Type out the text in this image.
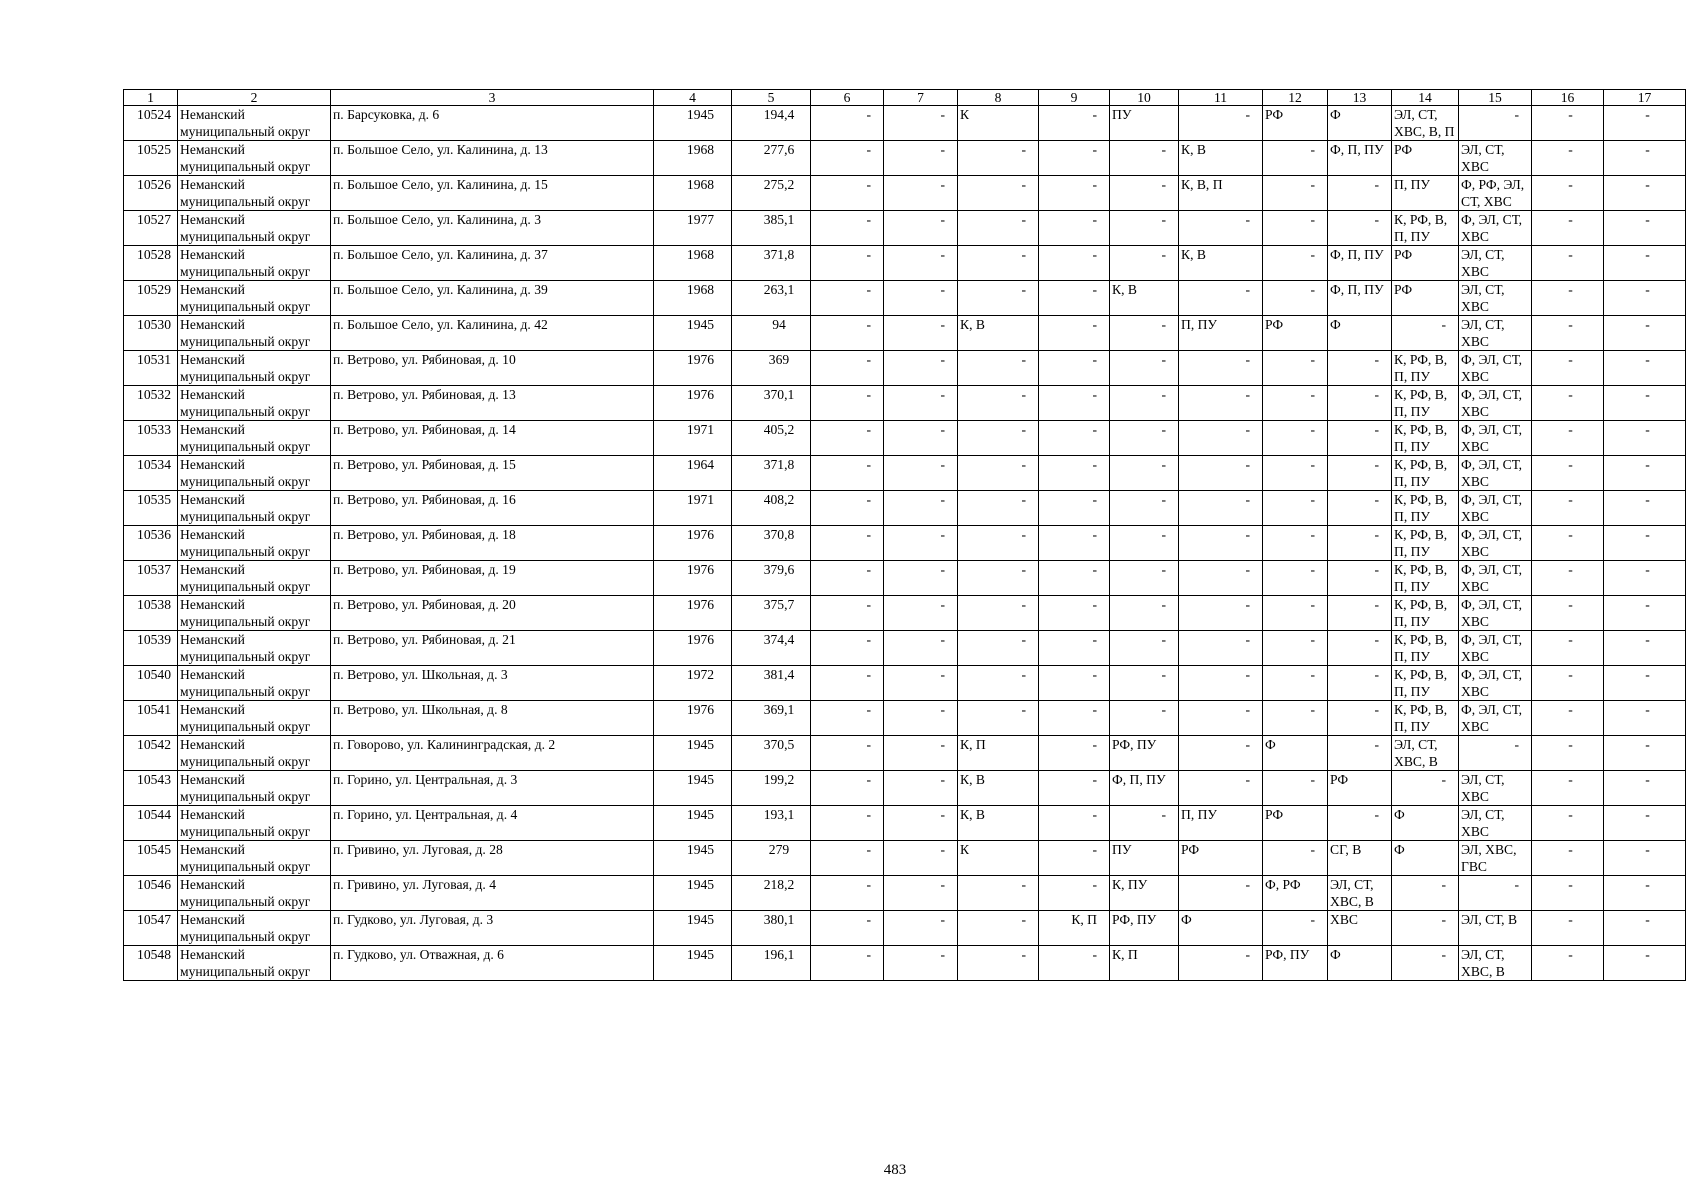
1	2	3	4	5	6	7	8	9	10	11	12	13	14	15	16	17
10524	Неманский муниципальный округ	п. Барсуковка, д. 6	1945	194,4	-	-	К	-	ПУ	-	РФ	Ф	ЭЛ, СТ, ХВС, В, П	-	-	-
10525	Неманский муниципальный округ	п. Большое Село, ул. Калинина, д. 13	1968	277,6	-	-	-	-	-	К, В	-	Ф, П, ПУ	РФ	ЭЛ, СТ, ХВС	-	-
10526	Неманский муниципальный округ	п. Большое Село, ул. Калинина, д. 15	1968	275,2	-	-	-	-	-	К, В, П	-	-	П, ПУ	Ф, РФ, ЭЛ, СТ, ХВС	-	-
10527	Неманский муниципальный округ	п. Большое Село, ул. Калинина, д. 3	1977	385,1	-	-	-	-	-	-	-	-	К, РФ, В, П, ПУ	Ф, ЭЛ, СТ, ХВС	-	-
10528	Неманский муниципальный округ	п. Большое Село, ул. Калинина, д. 37	1968	371,8	-	-	-	-	-	К, В	-	Ф, П, ПУ	РФ	ЭЛ, СТ, ХВС	-	-
10529	Неманский муниципальный округ	п. Большое Село, ул. Калинина, д. 39	1968	263,1	-	-	-	-	К, В	-	-	Ф, П, ПУ	РФ	ЭЛ, СТ, ХВС	-	-
10530	Неманский муниципальный округ	п. Большое Село, ул. Калинина, д. 42	1945	94	-	-	К, В	-	-	П, ПУ	РФ	Ф	-	ЭЛ, СТ, ХВС	-	-
10531	Неманский муниципальный округ	п. Ветрово, ул. Рябиновая, д. 10	1976	369	-	-	-	-	-	-	-	-	К, РФ, В, П, ПУ	Ф, ЭЛ, СТ, ХВС	-	-
10532	Неманский муниципальный округ	п. Ветрово, ул. Рябиновая, д. 13	1976	370,1	-	-	-	-	-	-	-	-	К, РФ, В, П, ПУ	Ф, ЭЛ, СТ, ХВС	-	-
10533	Неманский муниципальный округ	п. Ветрово, ул. Рябиновая, д. 14	1971	405,2	-	-	-	-	-	-	-	-	К, РФ, В, П, ПУ	Ф, ЭЛ, СТ, ХВС	-	-
10534	Неманский муниципальный округ	п. Ветрово, ул. Рябиновая, д. 15	1964	371,8	-	-	-	-	-	-	-	-	К, РФ, В, П, ПУ	Ф, ЭЛ, СТ, ХВС	-	-
10535	Неманский муниципальный округ	п. Ветрово, ул. Рябиновая, д. 16	1971	408,2	-	-	-	-	-	-	-	-	К, РФ, В, П, ПУ	Ф, ЭЛ, СТ, ХВС	-	-
10536	Неманский муниципальный округ	п. Ветрово, ул. Рябиновая, д. 18	1976	370,8	-	-	-	-	-	-	-	-	К, РФ, В, П, ПУ	Ф, ЭЛ, СТ, ХВС	-	-
10537	Неманский муниципальный округ	п. Ветрово, ул. Рябиновая, д. 19	1976	379,6	-	-	-	-	-	-	-	-	К, РФ, В, П, ПУ	Ф, ЭЛ, СТ, ХВС	-	-
10538	Неманский муниципальный округ	п. Ветрово, ул. Рябиновая, д. 20	1976	375,7	-	-	-	-	-	-	-	-	К, РФ, В, П, ПУ	Ф, ЭЛ, СТ, ХВС	-	-
10539	Неманский муниципальный округ	п. Ветрово, ул. Рябиновая, д. 21	1976	374,4	-	-	-	-	-	-	-	-	К, РФ, В, П, ПУ	Ф, ЭЛ, СТ, ХВС	-	-
10540	Неманский муниципальный округ	п. Ветрово, ул. Школьная, д. 3	1972	381,4	-	-	-	-	-	-	-	-	К, РФ, В, П, ПУ	Ф, ЭЛ, СТ, ХВС	-	-
10541	Неманский муниципальный округ	п. Ветрово, ул. Школьная, д. 8	1976	369,1	-	-	-	-	-	-	-	-	К, РФ, В, П, ПУ	Ф, ЭЛ, СТ, ХВС	-	-
10542	Неманский муниципальный округ	п. Говорово, ул. Калининградская, д. 2	1945	370,5	-	-	К, П	-	РФ, ПУ	-	Ф	-	ЭЛ, СТ, ХВС, В	-	-	-
10543	Неманский муниципальный округ	п. Горино, ул. Центральная, д. 3	1945	199,2	-	-	К, В	-	Ф, П, ПУ	-	-	РФ	-	ЭЛ, СТ, ХВС	-	-
10544	Неманский муниципальный округ	п. Горино, ул. Центральная, д. 4	1945	193,1	-	-	К, В	-	-	П, ПУ	РФ	-	Ф	ЭЛ, СТ, ХВС	-	-
10545	Неманский муниципальный округ	п. Гривино, ул. Луговая, д. 28	1945	279	-	-	К	-	ПУ	РФ	-	СГ, В	Ф	ЭЛ, ХВС, ГВС	-	-
10546	Неманский муниципальный округ	п. Гривино, ул. Луговая, д. 4	1945	218,2	-	-	-	-	К, ПУ	-	Ф, РФ	ЭЛ, СТ, ХВС, В	-	-	-	-
10547	Неманский муниципальный округ	п. Гудково, ул. Луговая, д. 3	1945	380,1	-	-	-	К, П	РФ, ПУ	Ф	-	ХВС	-	ЭЛ, СТ, В	-	-
10548	Неманский муниципальный округ	п. Гудково, ул. Отважная, д. 6	1945	196,1	-	-	-	-	К, П	-	РФ, ПУ	Ф	-	ЭЛ, СТ, ХВС, В	-	-
483
